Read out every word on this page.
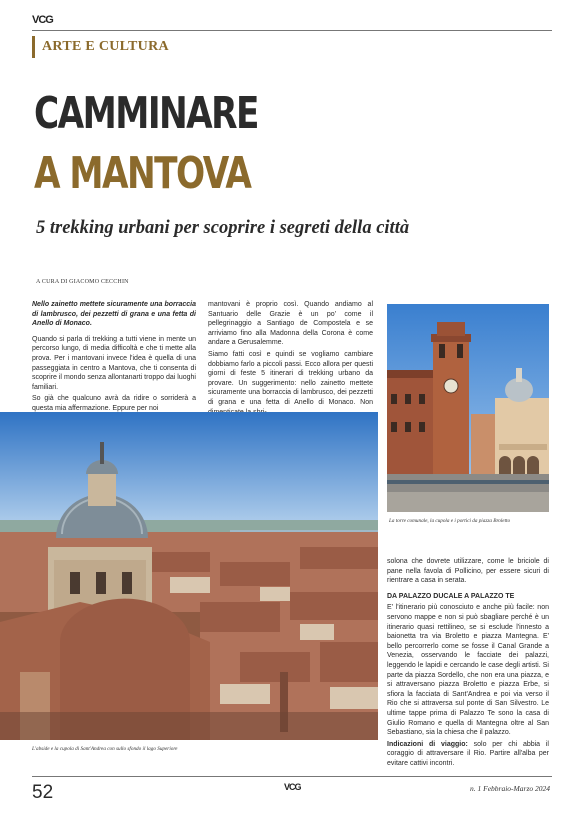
VCG
ARTE E CULTURA
CAMMINARE
A MANTOVA
5 trekking urbani per scoprire i segreti della città
A CURA DI GIACOMO CECCHIN

Nello zainetto mettete sicuramente una borraccia di lambrusco, dei pezzetti di grana e una fetta di Anello di Monaco.

Quando si parla di trekking a tutti viene in mente un percorso lungo, di media difficoltà e che ti mette alla prova. Per i mantovani invece l'idea è quella di una passeggiata in centro a Mantova, che ti consenta di scoprire il mondo senza allontanarti troppo dai luoghi familiari.

So già che qualcuno avrà da ridire o sorriderà a questa mia affermazione. Eppure per noi

mantovani è proprio così. Quando andiamo al Santuario delle Grazie è un po' come il pellegrinaggio a Santiago de Compostela e se arriviamo fino alla Madonna della Corona è come andare a Gerusalemme.

Siamo fatti così e quindi se vogliamo cambiare dobbiamo farlo a piccoli passi. Ecco allora per questi giorni di feste 5 itinerari di trekking urbano da provare. Un suggerimento: nello zainetto mettete sicuramente una borraccia di lambrusco, dei pezzetti di grana e una fetta di Anello di Monaco. Non

La torre comunale, la cupola e i portici da piazza Broletto
L'abside e la cupola di Sant'Andrea con sullo sfondo il lago Superiore

solona che dovrete utilizzare, come le briciole di pane nella favola di Pollicino, per essere sicuri di rientrare a casa in serata.

DA PALAZZO DUCALE A PALAZZO TE

E' l'itinerario più conosciuto e anche più facile: non servono mappe e non si può sbagliare perché è un itinerario quasi rettilineo, se si esclude l'innesto a baionetta tra via Broletto e piazza Mantegna. E' bello percorrerlo come se fosse il Canal Grande a Venezia, osservando le facciate dei palazzi, leggendo le lapidi e cercando le case degli artisti. Si parte da piazza Sordello, che non era una piazza, e si attraversano piazza Broletto e piazza Erbe, si sfiora la facciata di Sant'Andrea e poi via verso il Rio che si attraversa sul ponte di San Silvestro. Le ultime tappe prima di Palazzo Te sono la casa di Giulio Romano e quella di Mantegna oltre al San Sebastiano, sia la chiesa che il palazzo.

Indicazioni di viaggio: solo per chi abbia il coraggio di attraversare il Rio. Partire all'alba per evitare cattivi incontri.

52	VCG	n. 1 Febbraio-Marzo 2024
